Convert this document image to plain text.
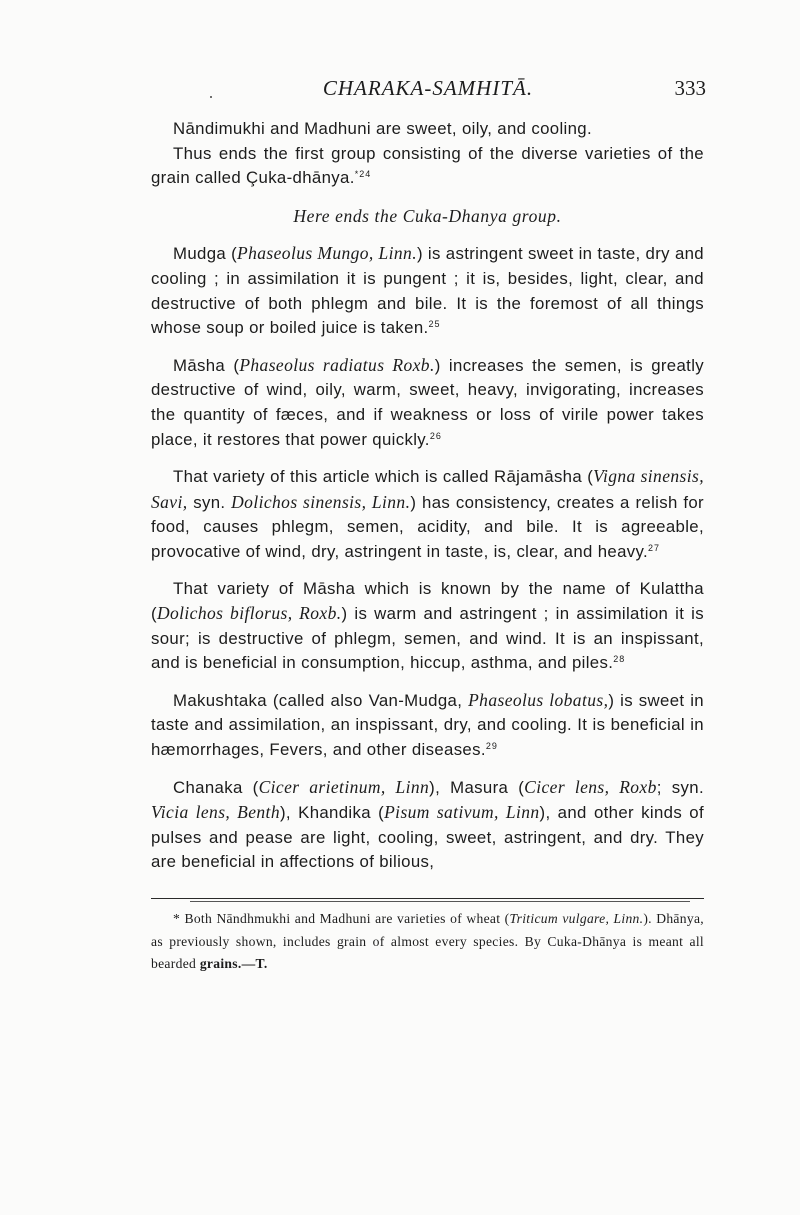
CHARAKA-SAMHITĀ.	333

Nāndimukhi and Madhuni are sweet, oily, and cooling.

Thus ends the first group consisting of the diverse varieties of the grain called Çuka-dhānya.$^{*24}$

Here ends the Cuka-Dhanya group.

Mudga (Phaseolus Mungo, Linn.) is astringent sweet in taste, dry and cooling ; in assimilation it is pungent ; it is, besides, light, clear, and destructive of both phlegm and bile. It is the foremost of all things whose soup or boiled juice is taken.$^{25}$

Māsha (Phaseolus radiatus Roxb.) increases the semen, is greatly destructive of wind, oily, warm, sweet, heavy, invigorating, increases the quantity of fæces, and if weakness or loss of virile power takes place, it restores that power quickly.$^{26}$

That variety of this article which is called Rājamāsha (Vigna sinensis, Savi, syn. Dolichos sinensis, Linn.) has consistency, creates a relish for food, causes phlegm, semen, acidity, and bile. It is agreeable, provocative of wind, dry, astringent in taste, is, clear, and heavy.$^{27}$

That variety of Māsha which is known by the name of Kulattha (Dolichos biflorus, Roxb.) is warm and astringent ; in assimilation it is sour; is destructive of phlegm, semen, and wind. It is an inspissant, and is beneficial in consumption, hiccup, asthma, and piles.$^{28}$

Makushtaka (called also Van-Mudga, Phaseolus lobatus,) is sweet in taste and assimilation, an inspissant, dry, and cooling. It is beneficial in hæmorrhages, Fevers, and other diseases.$^{29}$

Chanaka (Cicer arietinum, Linn), Masura (Cicer lens, Roxb; syn. Vicia lens, Benth), Khandika (Pisum sativum, Linn), and other kinds of pulses and pease are light, cooling, sweet, astringent, and dry. They are beneficial in affections of bilious,

* Both Nāndhmukhi and Madhuni are varieties of wheat (Triticum vulgare, Linn.). Dhānya, as previously shown, includes grain of almost every species. By Cuka-Dhānya is meant all bearded grains.—T.
